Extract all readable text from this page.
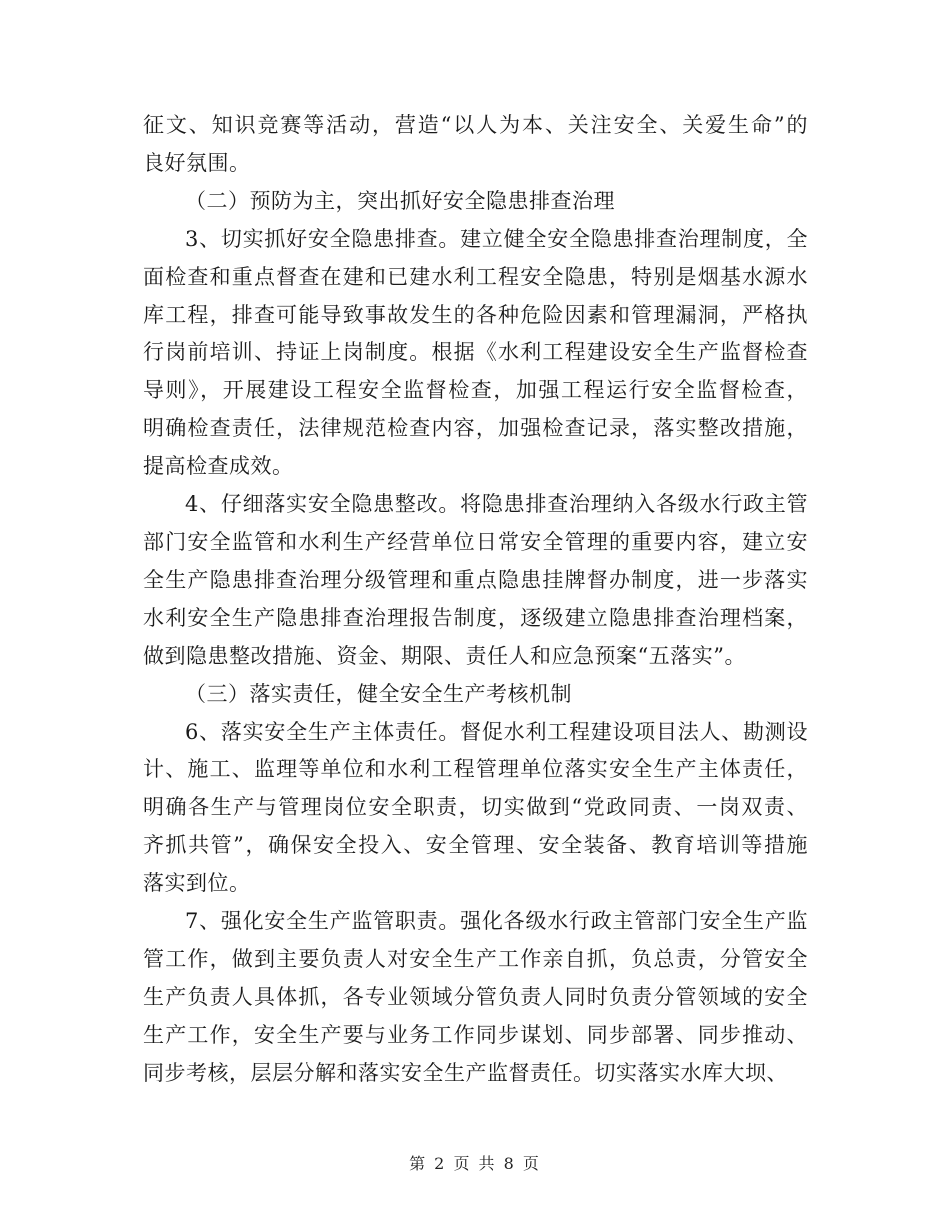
征文、知识竞赛等活动，营造“以人为本、关注安全、关爱生命”的
良好氛围。

（二）预防为主，突出抓好安全隐患排查治理

3、切实抓好安全隐患排查。建立健全安全隐患排查治理制度，全
面检查和重点督查在建和已建水利工程安全隐患，特别是烟基水源水
库工程，排查可能导致事故发生的各种危险因素和管理漏洞，严格执
行岗前培训、持证上岗制度。根据《水利工程建设安全生产监督检查
导则》，开展建设工程安全监督检查，加强工程运行安全监督检查，
明确检查责任，法律规范检查内容，加强检查记录，落实整改措施，
提高检查成效。

4、仔细落实安全隐患整改。将隐患排查治理纳入各级水行政主管
部门安全监管和水利生产经营单位日常安全管理的重要内容，建立安
全生产隐患排查治理分级管理和重点隐患挂牌督办制度，进一步落实
水利安全生产隐患排查治理报告制度，逐级建立隐患排查治理档案，
做到隐患整改措施、资金、期限、责任人和应急预案“五落实”。

（三）落实责任，健全安全生产考核机制

6、落实安全生产主体责任。督促水利工程建设项目法人、勘测设
计、施工、监理等单位和水利工程管理单位落实安全生产主体责任，
明确各生产与管理岗位安全职责，切实做到“党政同责、一岗双责、
齐抓共管”，确保安全投入、安全管理、安全装备、教育培训等措施
落实到位。

7、强化安全生产监管职责。强化各级水行政主管部门安全生产监
管工作，做到主要负责人对安全生产工作亲自抓，负总责，分管安全
生产负责人具体抓，各专业领域分管负责人同时负责分管领域的安全
生产工作，安全生产要与业务工作同步谋划、同步部署、同步推动、
同步考核，层层分解和落实安全生产监督责任。切实落实水库大坝、

第 2 页 共 8 页
